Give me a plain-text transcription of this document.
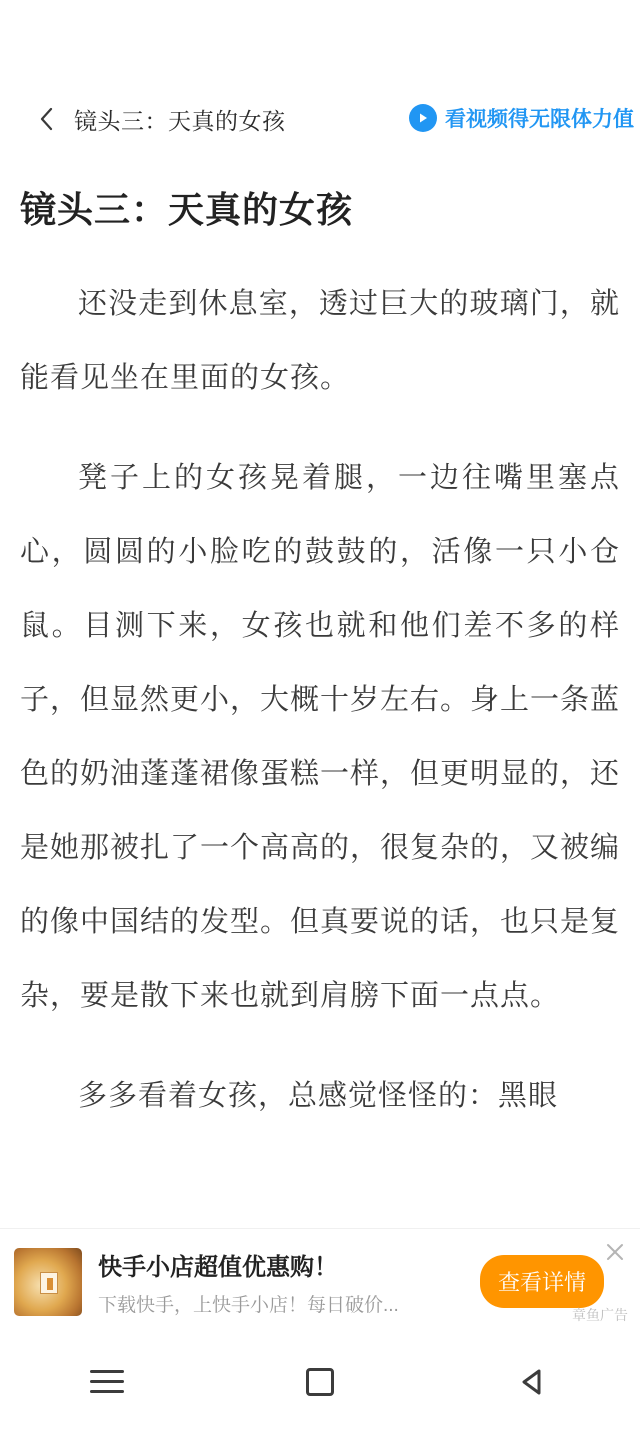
镜头三：天真的女孩	看视频得无限体力值
镜头三：天真的女孩

还没走到休息室，透过巨大的玻璃门，就能看见坐在里面的女孩。

凳子上的女孩晃着腿，一边往嘴里塞点心，圆圆的小脸吃的鼓鼓的，活像一只小仓鼠。目测下来，女孩也就和他们差不多的样子，但显然更小，大概十岁左右。身上一条蓝色的奶油蓬蓬裙像蛋糕一样，但更明显的，还是她那被扎了一个高高的，很复杂的，又被编的像中国结的发型。但真要说的话，也只是复杂，要是散下来也就到肩膀下面一点点。

多多看着女孩，总感觉怪怪的：黑眼

快手小店超值优惠购！
下载快手，上快手小店！每日破价...
查看详情
章鱼广告
